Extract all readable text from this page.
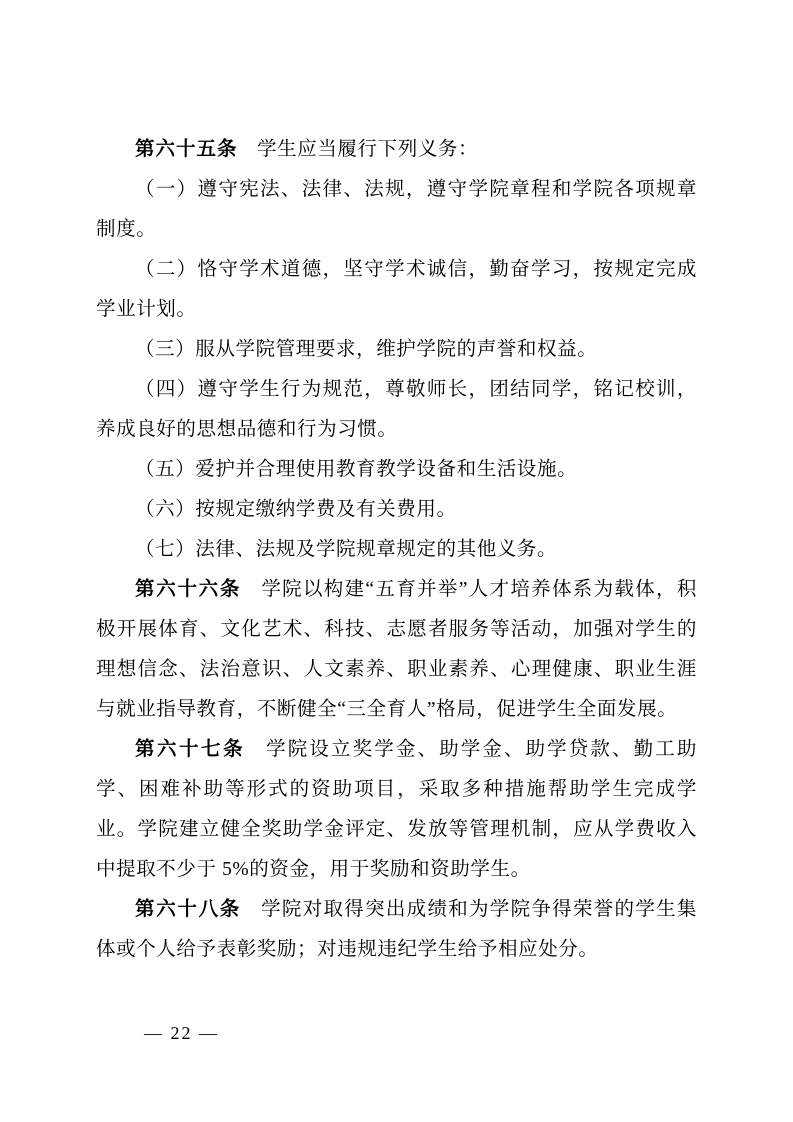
第六十五条 学生应当履行下列义务：

（一）遵守宪法、法律、法规，遵守学院章程和学院各项规章制度。

（二）恪守学术道德，坚守学术诚信，勤奋学习，按规定完成学业计划。

（三）服从学院管理要求，维护学院的声誉和权益。

（四）遵守学生行为规范，尊敬师长，团结同学，铭记校训，养成良好的思想品德和行为习惯。

（五）爱护并合理使用教育教学设备和生活设施。

（六）按规定缴纳学费及有关费用。

（七）法律、法规及学院规章规定的其他义务。

第六十六条 学院以构建“五育并举”人才培养体系为载体，积极开展体育、文化艺术、科技、志愿者服务等活动，加强对学生的理想信念、法治意识、人文素养、职业素养、心理健康、职业生涯与就业指导教育，不断健全“三全育人”格局，促进学生全面发展。

第六十七条 学院设立奖学金、助学金、助学贷款、勤工助学、困难补助等形式的资助项目，采取多种措施帮助学生完成学业。学院建立健全奖助学金评定、发放等管理机制，应从学费收入中提取不少于 5%的资金，用于奖励和资助学生。

第六十八条 学院对取得突出成绩和为学院争得荣誉的学生集体或个人给予表彰奖励；对违规违纪学生给予相应处分。

— 22 —
